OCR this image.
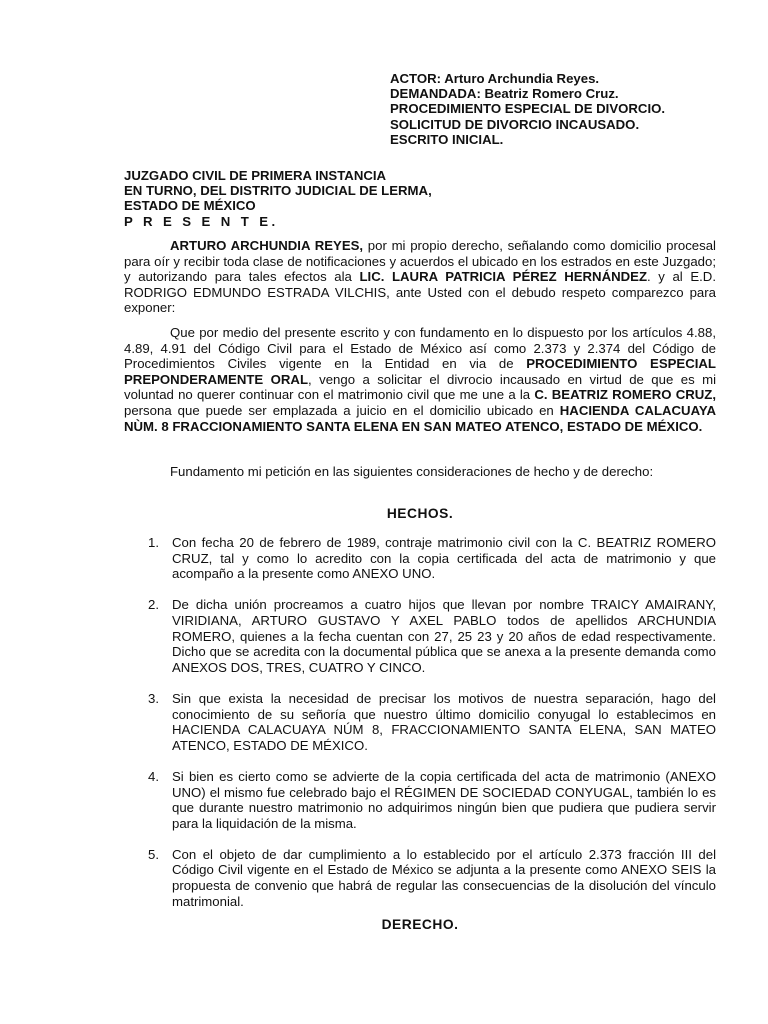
ACTOR: Arturo Archundia Reyes.
DEMANDADA: Beatriz Romero Cruz.
PROCEDIMIENTO ESPECIAL DE DIVORCIO.
SOLICITUD DE DIVORCIO INCAUSADO.
ESCRITO INICIAL.
JUZGADO CIVIL DE PRIMERA INSTANCIA
EN TURNO, DEL DISTRITO JUDICIAL DE LERMA,
ESTADO DE MÉXICO
P R E S E N T E.

ARTURO ARCHUNDIA REYES, por mi propio derecho, señalando como domicilio procesal para oír y recibir toda clase de notificaciones y acuerdos el ubicado en los estrados en este Juzgado; y autorizando para tales efectos ala LIC. LAURA PATRICIA PÉREZ HERNÁNDEZ. y al E.D. RODRIGO EDMUNDO ESTRADA VILCHIS, ante Usted con el debudo respeto comparezco para exponer:

Que por medio del presente escrito y con fundamento en lo dispuesto por los artículos 4.88, 4.89, 4.91 del Código Civil para el Estado de México así como 2.373 y 2.374 del Código de Procedimientos Civiles vigente en la Entidad en via de PROCEDIMIENTO ESPECIAL PREPONDERAMENTE ORAL, vengo a solicitar el divrocio incausado en virtud de que es mi voluntad no querer continuar con el matrimonio civil que me une a la C. BEATRIZ ROMERO CRUZ, persona que puede ser emplazada a juicio en el domicilio ubicado en HACIENDA CALACUAYA NÙM. 8 FRACCIONAMIENTO SANTA ELENA EN SAN MATEO ATENCO, ESTADO DE MÉXICO.

Fundamento mi petición en las siguientes consideraciones de hecho y de derecho:

HECHOS.

1. Con fecha 20 de febrero de 1989, contraje matrimonio civil con la C. BEATRIZ ROMERO CRUZ, tal y como lo acredito con la copia certificada del acta de matrimonio y que acompaño a la presente como ANEXO UNO.
2. De dicha unión procreamos a cuatro hijos que llevan por nombre TRAICY AMAIRANY, VIRIDIANA, ARTURO GUSTAVO Y AXEL PABLO todos de apellidos ARCHUNDIA ROMERO, quienes a la fecha cuentan con 27, 25 23 y 20 años de edad respectivamente. Dicho que se acredita con la documental pública que se anexa a la presente demanda como ANEXOS DOS, TRES, CUATRO Y CINCO.
3. Sin que exista la necesidad de precisar los motivos de nuestra separación, hago del conocimiento de su señoría que nuestro último domicilio conyugal lo establecimos en HACIENDA CALACUAYA NÚM 8, FRACCIONAMIENTO SANTA ELENA, SAN MATEO ATENCO, ESTADO DE MÉXICO.
4. Si bien es cierto como se advierte de la copia certificada del acta de matrimonio (ANEXO UNO) el mismo fue celebrado bajo el RÉGIMEN DE SOCIEDAD CONYUGAL, también lo es que durante nuestro matrimonio no adquirimos ningún bien que pudiera que pudiera servir para la liquidación de la misma.
5. Con el objeto de dar cumplimiento a lo establecido por el artículo 2.373 fracción III del Código Civil vigente en el Estado de México se adjunta a la presente como ANEXO SEIS la propuesta de convenio que habrá de regular las consecuencias de la disolución del vínculo matrimonial.

DERECHO.
